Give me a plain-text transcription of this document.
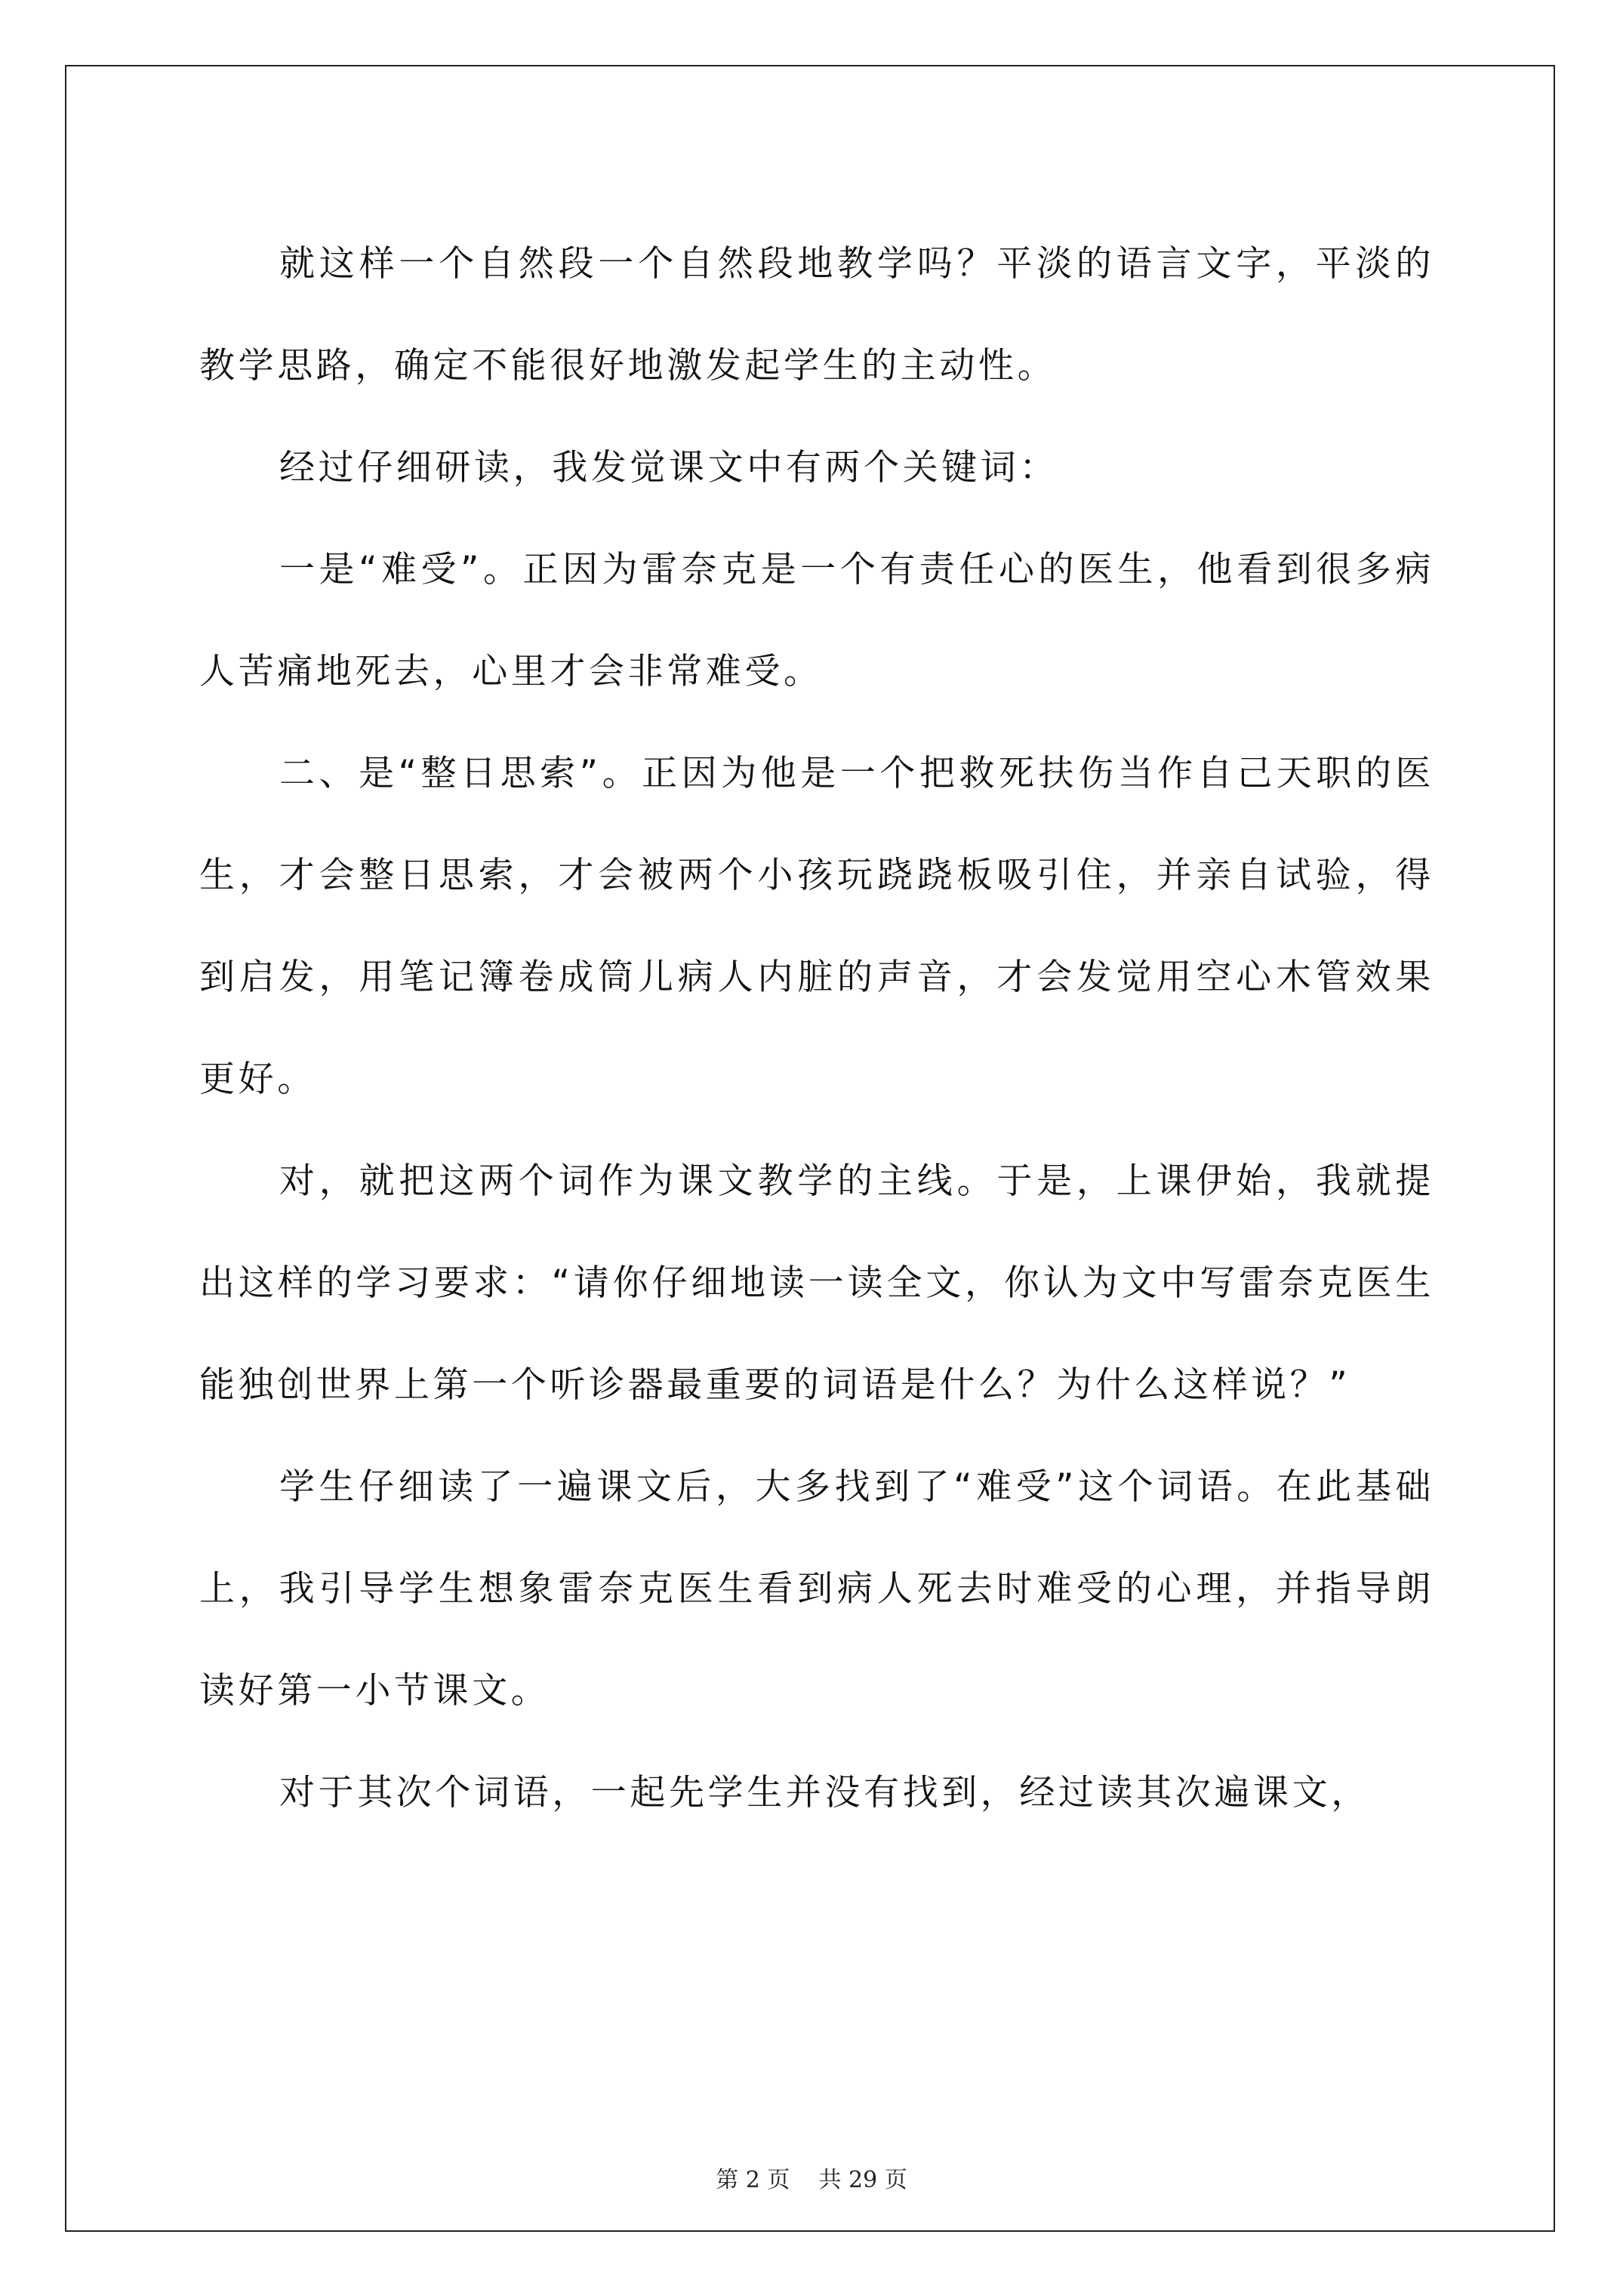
就这样一个自然段一个自然段地教学吗？平淡的语言文字，平淡的教学思路，确定不能很好地激发起学生的主动性。

经过仔细研读，我发觉课文中有两个关键词：

一是“难受”。正因为雷奈克是一个有责任心的医生，他看到很多病人苦痛地死去，心里才会非常难受。

二、是“整日思索”。正因为他是一个把救死扶伤当作自己天职的医生，才会整日思索，才会被两个小孩玩跷跷板吸引住，并亲自试验，得到启发，用笔记簿卷成筒儿病人内脏的声音，才会发觉用空心木管效果更好。

对，就把这两个词作为课文教学的主线。于是，上课伊始，我就提出这样的学习要求：“请你仔细地读一读全文，你认为文中写雷奈克医生能独创世界上第一个听诊器最重要的词语是什么？为什么这样说？”

学生仔细读了一遍课文后，大多找到了“难受”这个词语。在此基础上，我引导学生想象雷奈克医生看到病人死去时难受的心理，并指导朗读好第一小节课文。

对于其次个词语，一起先学生并没有找到，经过读其次遍课文，

第 2 页    共 29 页
